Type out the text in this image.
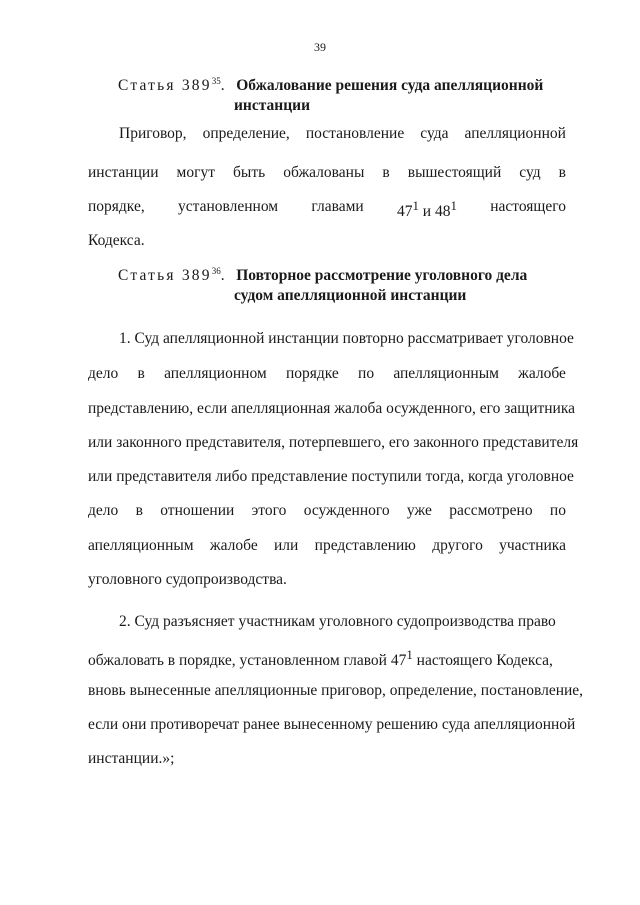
39
Статья $389^{35}$.   Обжалование решения суда апелляционной
инстанции
Приговор, определение, постановление суда апелляционной
инстанции могут быть обжалованы в вышестоящий суд в
порядке, установленном главами $47^1$ и $48^1$ настоящего
Кодекса.
Статья $389^{36}$.   Повторное рассмотрение уголовного дела
судом апелляционной инстанции
1. Суд апелляционной инстанции повторно рассматривает уголовное
дело в апелляционном порядке по апелляционным жалобе
представлению, если апелляционная жалоба осужденного, его защитника
или законного представителя, потерпевшего, его законного представителя
или представителя либо представление поступили тогда, когда уголовное
дело в отношении этого осужденного уже рассмотрено по
апелляционным жалобе или представлению другого участника
уголовного судопроизводства.
2. Суд разъясняет участникам уголовного судопроизводства право
обжаловать в порядке, установленном главой $47^1$ настоящего Кодекса,
вновь вынесенные апелляционные приговор, определение, постановление,
если они противоречат ранее вынесенному решению суда апелляционной
инстанции.»;
